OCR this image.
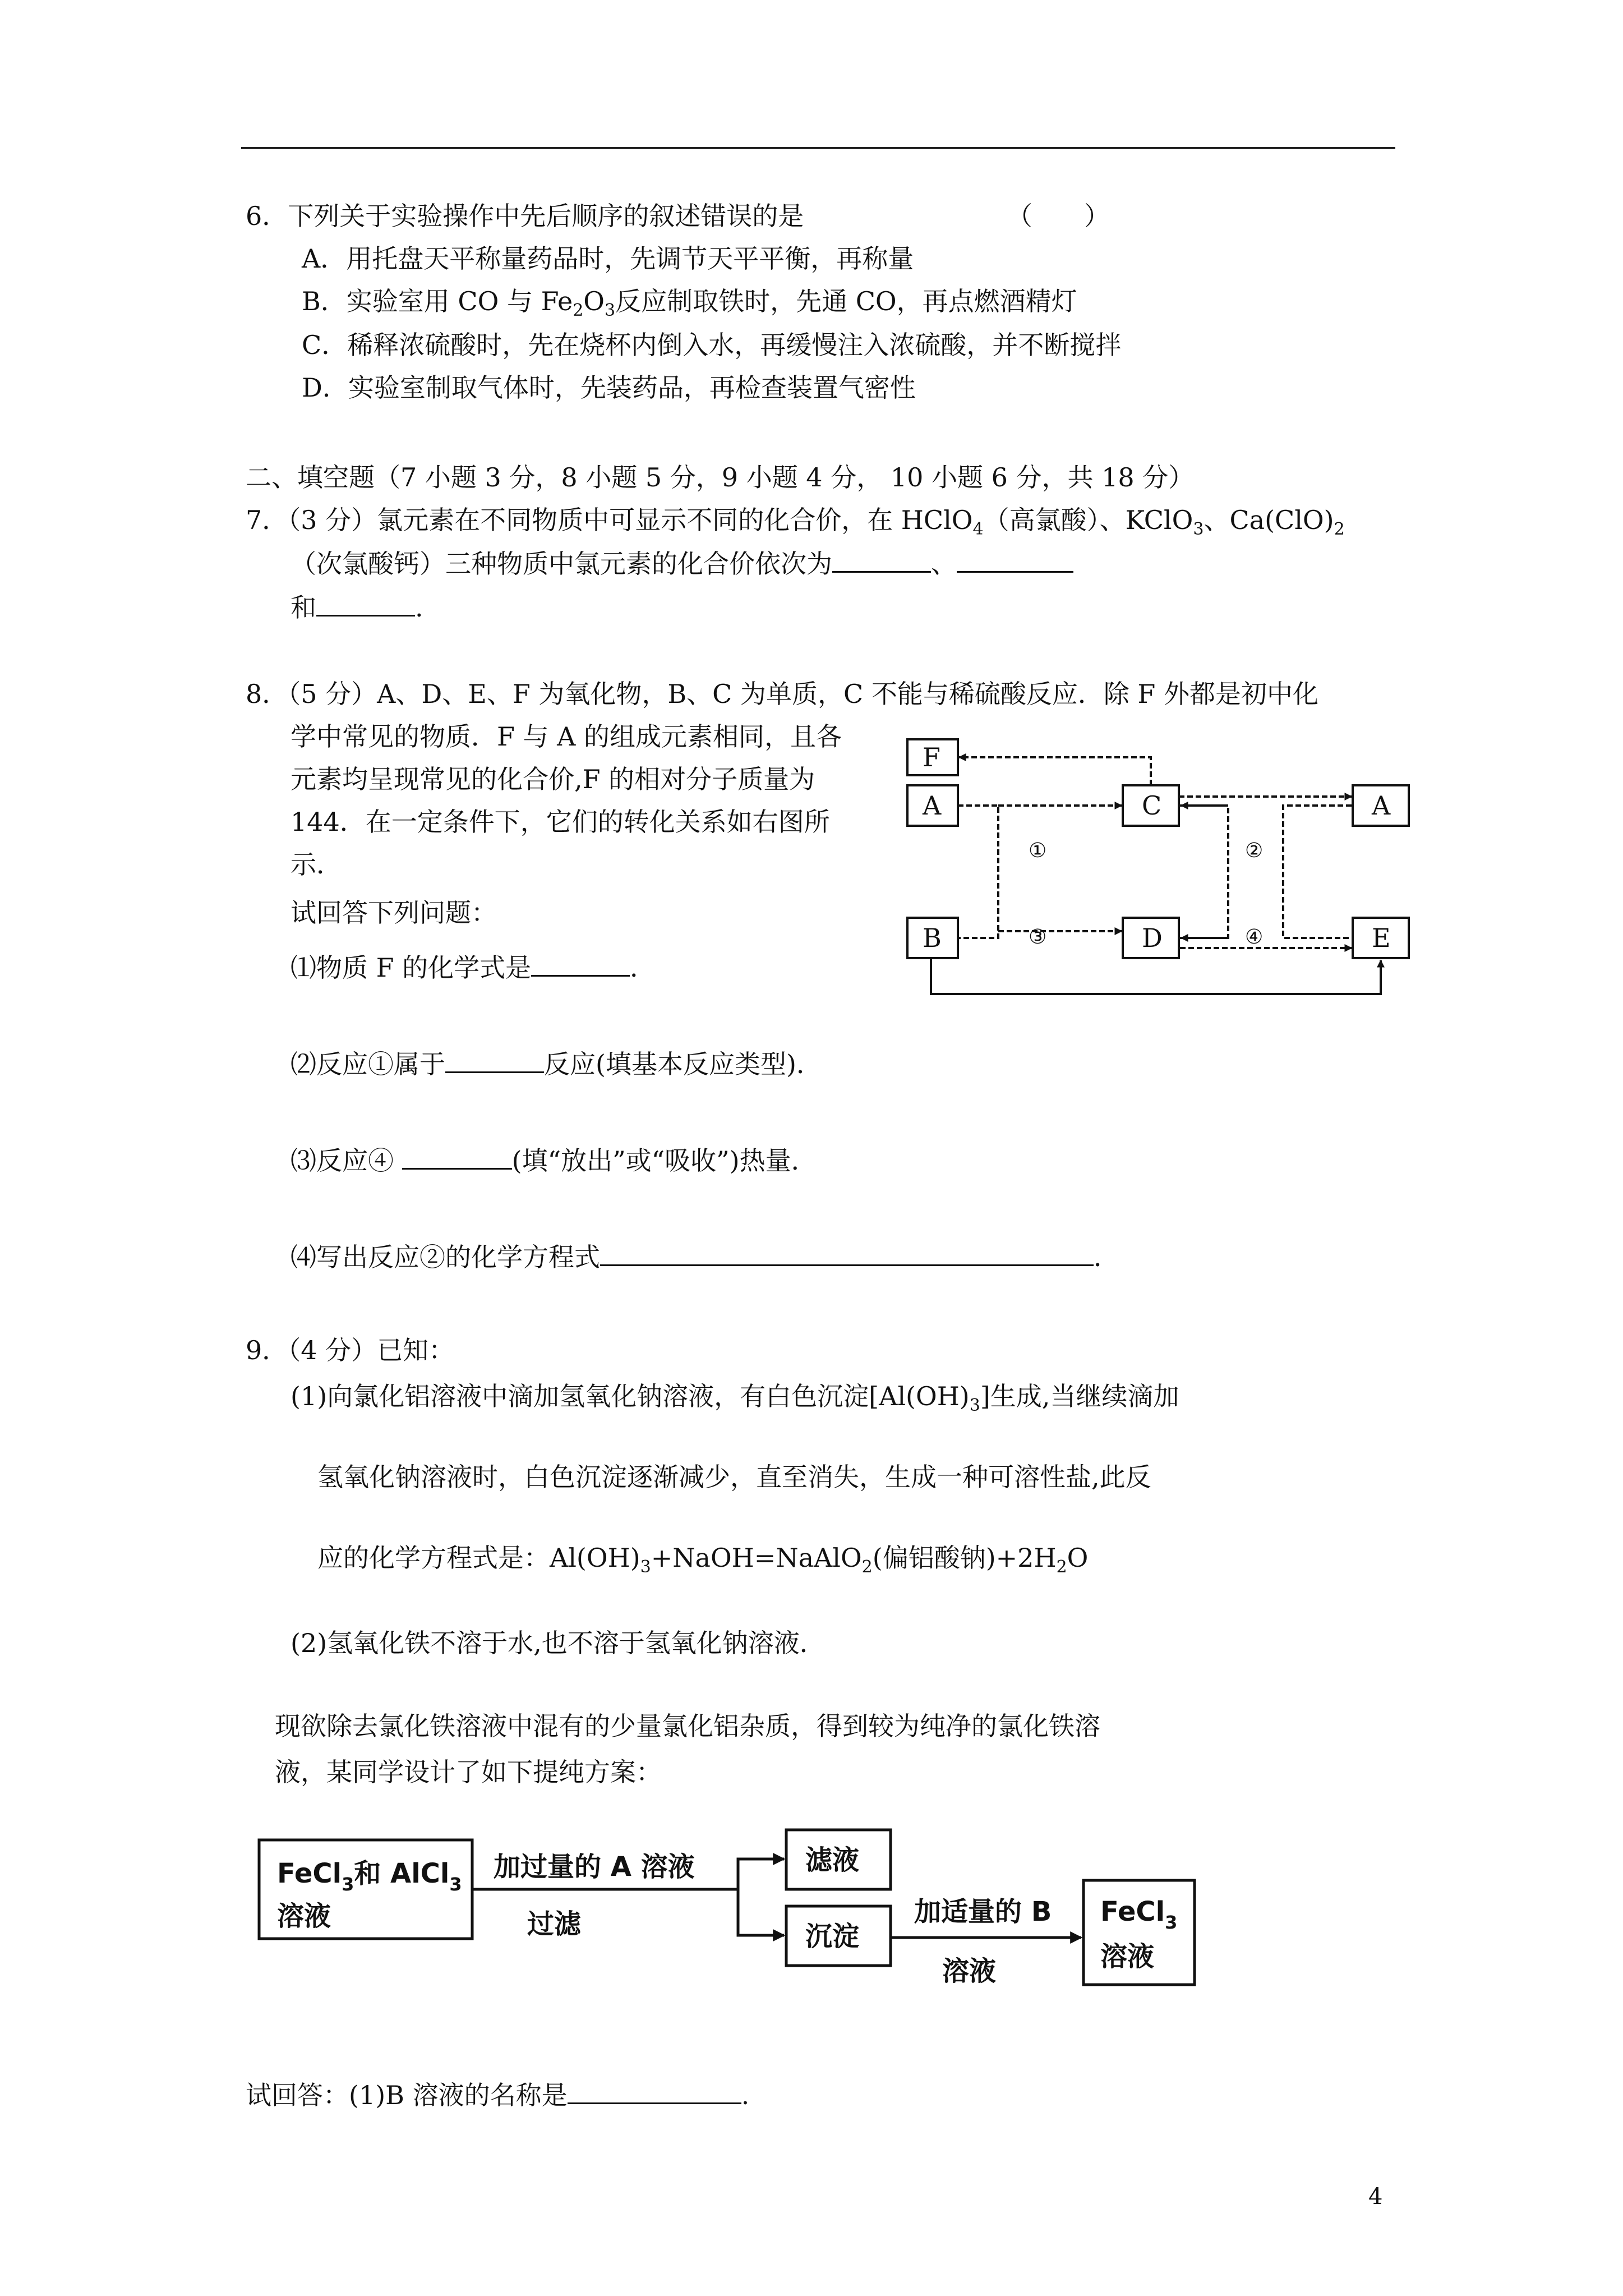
6．下列关于实验操作中先后顺序的叙述错误的是	（　　）
A．用托盘天平称量药品时，先调节天平平衡，再称量
B．实验室用 CO 与 $Fe_2O_3$反应制取铁时，先通 CO，再点燃酒精灯
C．稀释浓硫酸时，先在烧杯内倒入水，再缓慢注入浓硫酸，并不断搅拌
D．实验室制取气体时，先装药品，再检查装置气密性
二、填空题（7 小题 3 分，8 小题 5 分，9 小题 4 分， 10 小题 6 分，共 18 分）
7．（3 分）氯元素在不同物质中可显示不同的化合价，在 HClO$_4$（高氯酸）、KClO$_3$、$Ca(ClO)_2$
（次氯酸钙）三种物质中氯元素的化合价依次为	、
和	.
8．（5 分）A、D、E、F 为氧化物，B、C 为单质，C 不能与稀硫酸反应．除 F 外都是初中化
学中常见的物质．F 与 A 的组成元素相同，且各
元素均呈现常见的化合价,F 的相对分子质量为
144．在一定条件下，它们的转化关系如右图所
示．
试回答下列问题：
⑴物质 F 的化学式是	．
⑵反应①属于	反应(填基本反应类型)．
⑶反应④	(填“放出”或“吸收”)热量．
⑷写出反应②的化学方程式	．
F
A
B
C
D
A
E
①	②
③	④
9．（4 分）已知：
(1)向氯化铝溶液中滴加氢氧化钠溶液，有白色沉淀$[Al(OH)_3]$生成,当继续滴加
氢氧化钠溶液时，白色沉淀逐渐减少，直至消失，生成一种可溶性盐,此反
应的化学方程式是：$Al(OH)_3+NaOH=NaAlO_2$(偏铝酸钠)$+2H_2O$
(2)氢氧化铁不溶于水,也不溶于氢氧化钠溶液．
现欲除去氯化铁溶液中混有的少量氯化铝杂质，得到较为纯净的氯化铁溶
液，某同学设计了如下提纯方案：
FeCl$_3$和 AlCl$_3$
溶液
加过量的 A 溶液
过滤
滤液
沉淀
加适量的 B
溶液
FeCl$_3$
溶液
试回答：(1)B 溶液的名称是	.
4
